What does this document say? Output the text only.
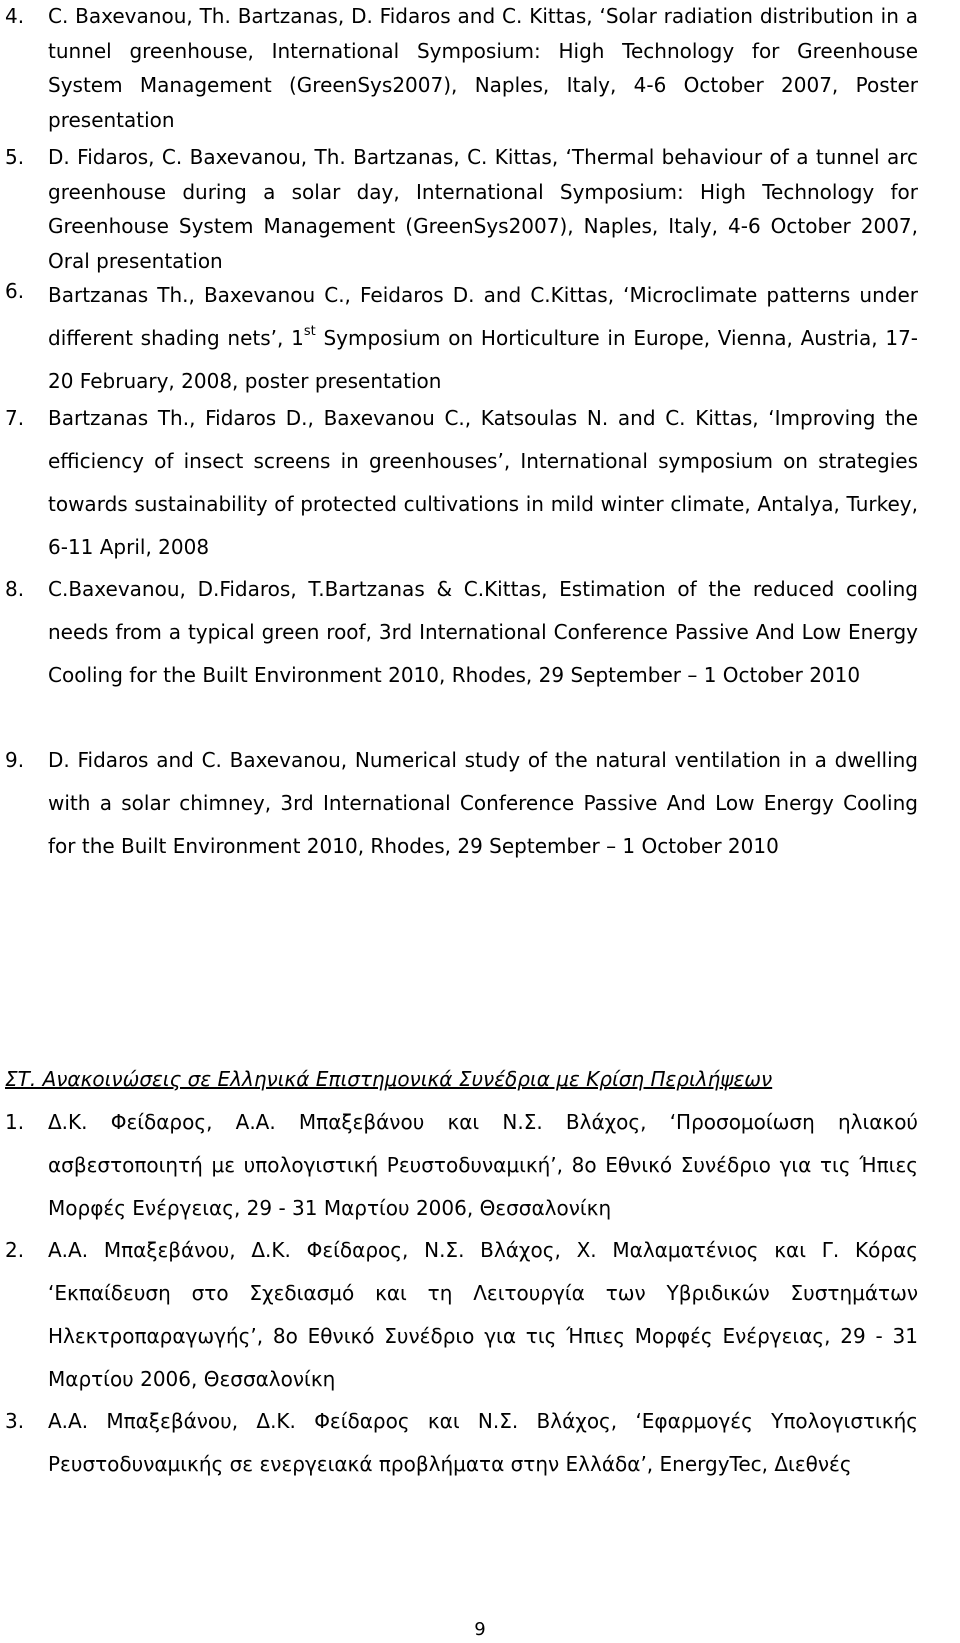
4. C. Baxevanou, Th. Bartzanas, D. Fidaros and C. Kittas, ‘Solar radiation distribution in a tunnel greenhouse, International Symposium: High Technology for Greenhouse System Management (GreenSys2007), Naples, Italy, 4-6 October 2007, Poster presentation
5. D. Fidaros, C. Baxevanou, Th. Bartzanas, C. Kittas, ‘Thermal behaviour of a tunnel arc greenhouse during a solar day, International Symposium: High Technology for Greenhouse System Management (GreenSys2007), Naples, Italy, 4-6 October 2007, Oral presentation
6. Bartzanas Th., Baxevanou C., Feidaros D. and C.Kittas, ‘Microclimate patterns under different shading nets’, 1st Symposium on Horticulture in Europe, Vienna, Austria, 17-20 February, 2008, poster presentation
7. Bartzanas Th., Fidaros D., Baxevanou C., Katsoulas N. and C. Kittas, ‘Improving the efficiency of insect screens in greenhouses’, International symposium on strategies towards sustainability of protected cultivations in mild winter climate, Antalya, Turkey, 6-11 April, 2008
8. C.Baxevanou, D.Fidaros, T.Bartzanas & C.Kittas, Estimation of the reduced cooling needs from a typical green roof, 3rd International Conference Passive And Low Energy Cooling for the Built Environment 2010, Rhodes, 29 September – 1 October 2010
9. D. Fidaros and C. Baxevanou, Numerical study of the natural ventilation in a dwelling with a solar chimney, 3rd International Conference Passive And Low Energy Cooling for the Built Environment 2010, Rhodes, 29 September – 1 October 2010
ΣΤ. Ανακοινώσεις σε Ελληνικά Επιστημονικά Συνέδρια με Κρίση Περιλήψεων
1. Δ.Κ. Φείδαρος, Α.Α. Μπαξεβάνου και Ν.Σ. Βλάχος, ‘Προσομοίωση ηλιακού ασβεστοποιητή με υπολογιστική Ρευστοδυναμική’, 8ο Εθνικό Συνέδριο για τις Ήπιες Μορφές Ενέργειας, 29 - 31 Μαρτίου 2006, Θεσσαλονίκη
2. Α.Α. Μπαξεβάνου, Δ.Κ. Φείδαρος, Ν.Σ. Βλάχος, Χ. Μαλαματένιος και Γ. Κόρας ‘Εκπαίδευση στο Σχεδιασμό και τη Λειτουργία των Υβριδικών Συστημάτων Ηλεκτροπαραγωγής’, 8ο Εθνικό Συνέδριο για τις Ήπιες Μορφές Ενέργειας, 29 - 31 Μαρτίου 2006, Θεσσαλονίκη
3. Α.Α. Μπαξεβάνου, Δ.Κ. Φείδαρος και Ν.Σ. Βλάχος, ‘Εφαρμογές Υπολογιστικής Ρευστοδυναμικής σε ενεργειακά προβλήματα στην Ελλάδα’, EnergyTec, Διεθνές
9
